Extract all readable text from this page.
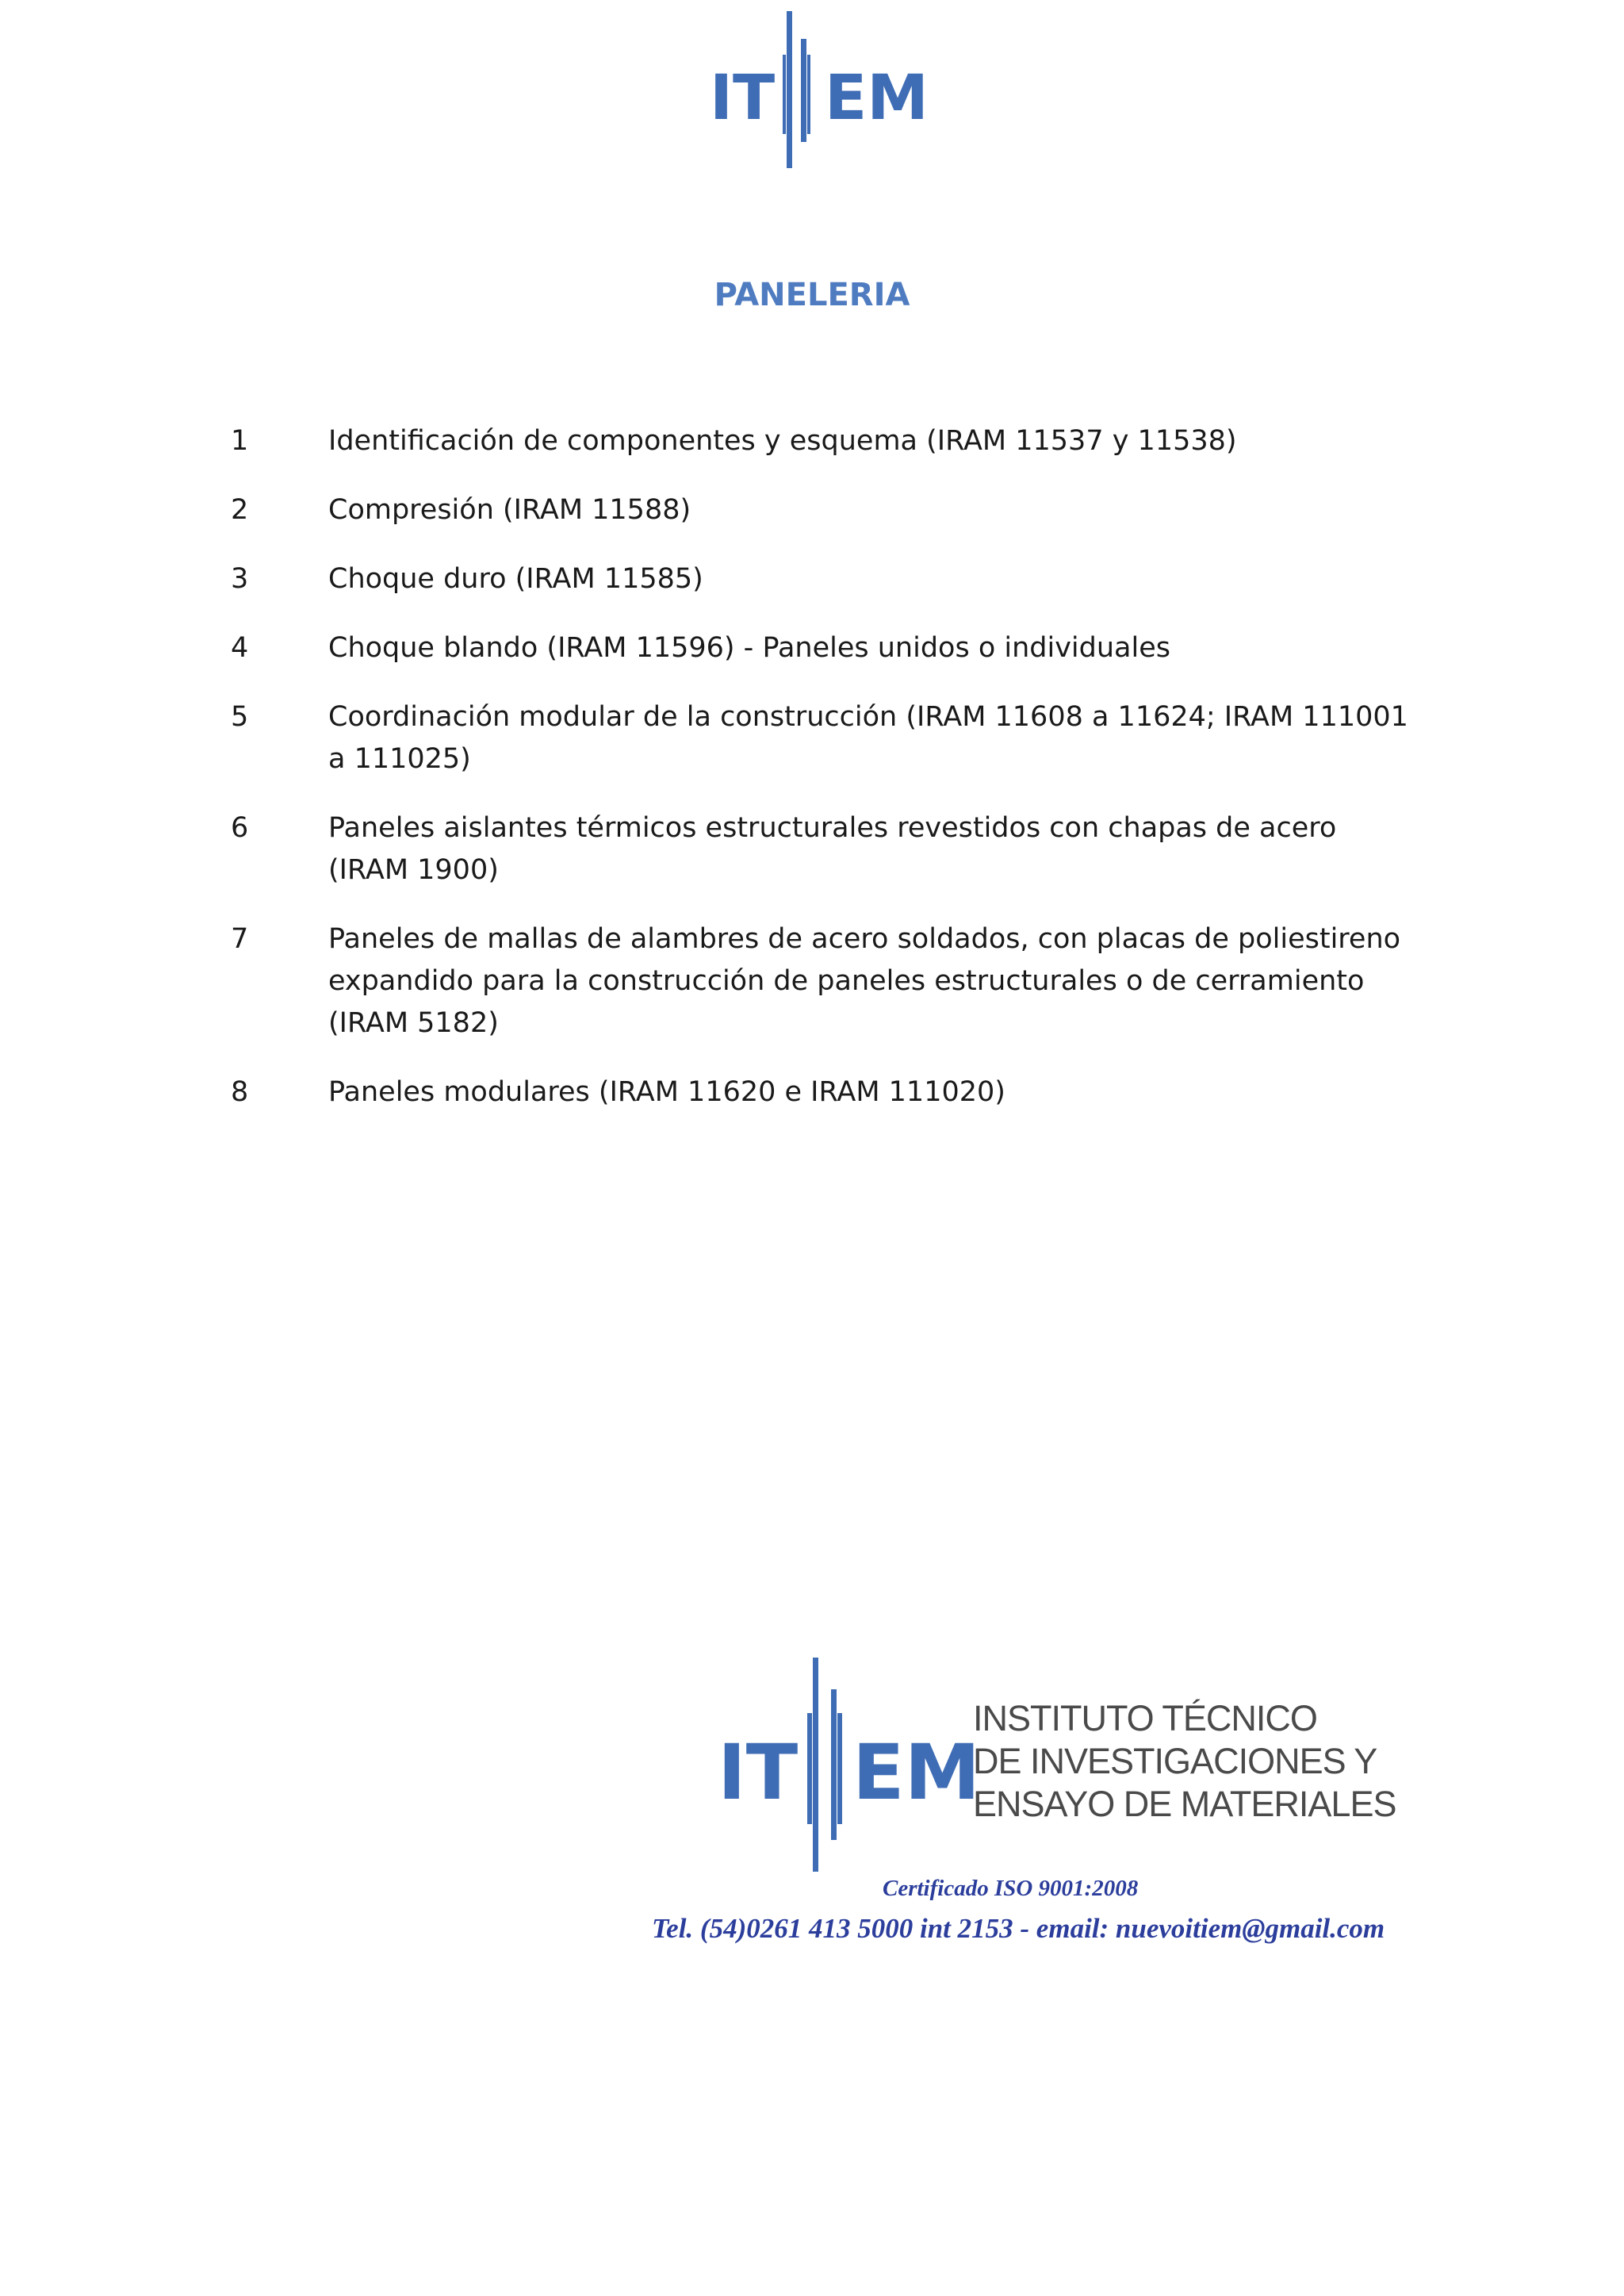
IT EM
PANELERIA
1	Identificación de componentes y esquema (IRAM 11537 y 11538)
2	Compresión (IRAM 11588)
3	Choque duro (IRAM 11585)
4	Choque blando (IRAM 11596) - Paneles unidos o individuales
5	Coordinación modular de la construcción (IRAM 11608 a 11624; IRAM 111001 a 111025)
6	Paneles aislantes térmicos estructurales revestidos con chapas de acero (IRAM 1900)
7	Paneles de mallas de alambres de acero soldados, con placas de poliestireno expandido para la construcción de paneles estructurales o de cerramiento (IRAM 5182)
8	Paneles modulares (IRAM 11620 e IRAM 111020)
IT EM
INSTITUTO TÉCNICO
DE INVESTIGACIONES Y
ENSAYO DE MATERIALES
Certificado ISO 9001:2008
Tel. (54)0261 413 5000 int 2153 - email: nuevoitiem@gmail.com
